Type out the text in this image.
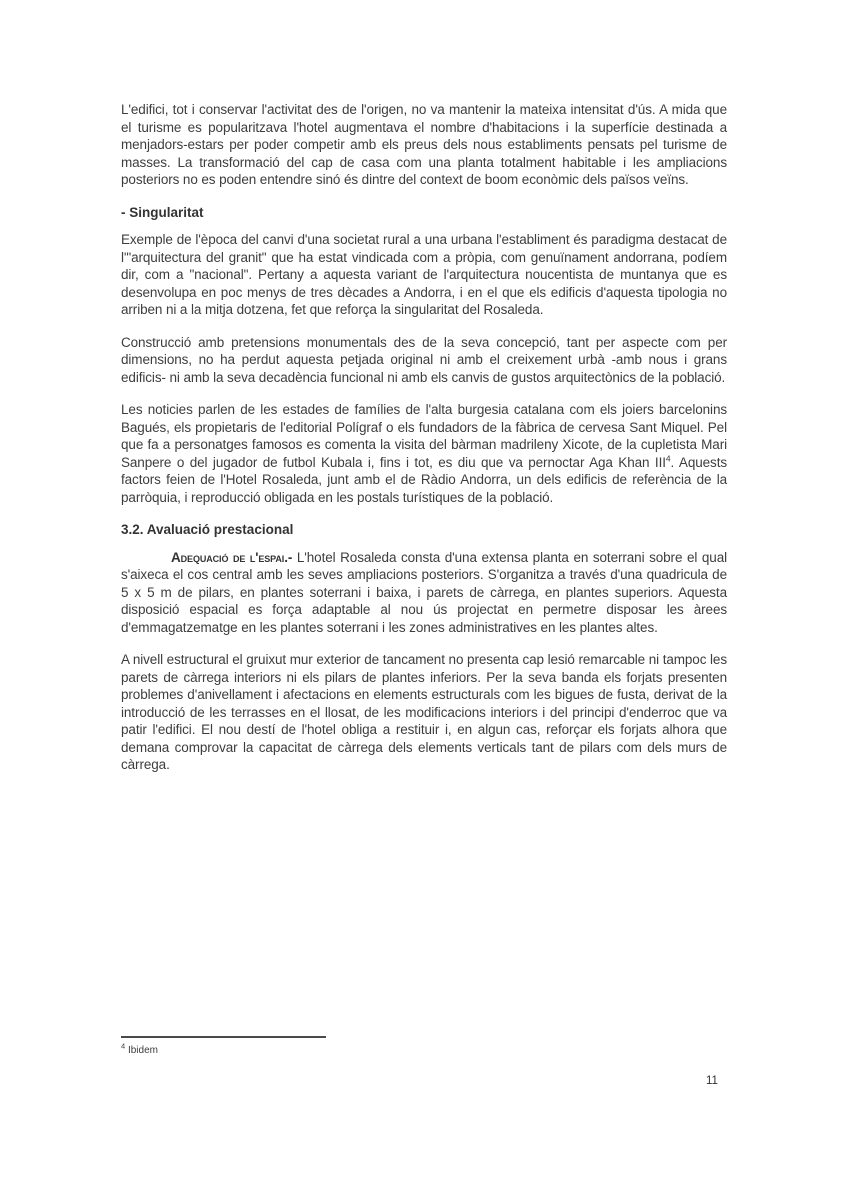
L'edifici, tot i conservar l'activitat des de l'origen, no va mantenir la mateixa intensitat d'ús. A mida que el turisme es popularitzava l'hotel augmentava el nombre d'habitacions i la superfície destinada a menjadors-estars per poder competir amb els preus dels nous establiments pensats pel turisme de masses. La transformació del cap de casa com una planta totalment habitable i les ampliacions posteriors no es poden entendre sinó és dintre del context de boom econòmic dels països veïns.

- Singularitat

Exemple de l'època del canvi d'una societat rural a una urbana l'establiment és paradigma destacat de l'"arquitectura del granit" que ha estat vindicada com a pròpia, com genuïnament andorrana, podíem dir, com a "nacional". Pertany a aquesta variant de l'arquitectura noucentista de muntanya que es desenvolupa en poc menys de tres dècades a Andorra, i en el que els edificis d'aquesta tipologia no arriben ni a la mitja dotzena, fet que reforça la singularitat del Rosaleda.

Construcció amb pretensions monumentals des de la seva concepció, tant per aspecte com per dimensions, no ha perdut aquesta petjada original ni amb el creixement urbà -amb nous i grans edificis- ni amb la seva decadència funcional ni amb els canvis de gustos arquitectònics de la població.

Les noticies parlen de les estades de famílies de l'alta burgesia catalana com els joiers barcelonins Bagués, els propietaris de l'editorial Polígraf o els fundadors de la fàbrica de cervesa Sant Miquel. Pel que fa a personatges famosos es comenta la visita del bàrman madrileny Xicote, de la cupletista Mari Sanpere o del jugador de futbol Kubala i, fins i tot, es diu que va pernoctar Aga Khan III$^4$. Aquests factors feien de l'Hotel Rosaleda, junt amb el de Ràdio Andorra, un dels edificis de referència de la parròquia, i reproducció obligada en les postals turístiques de la població.

3.2. Avaluació prestacional

Adequació de l'espai.- L'hotel Rosaleda consta d'una extensa planta en soterrani sobre el qual s'aixeca el cos central amb les seves ampliacions posteriors. S'organitza a través d'una quadricula de 5 x 5 m de pilars, en plantes soterrani i baixa, i parets de càrrega, en plantes superiors. Aquesta disposició espacial es força adaptable al nou ús projectat en permetre disposar les àrees d'emmagatzematge en les plantes soterrani i les zones administratives en les plantes altes.

A nivell estructural el gruixut mur exterior de tancament no presenta cap lesió remarcable ni tampoc les parets de càrrega interiors ni els pilars de plantes inferiors. Per la seva banda els forjats presenten problemes d'anivellament i afectacions en elements estructurals com les bigues de fusta, derivat de la introducció de les terrasses en el llosat, de les modificacions interiors i del principi d'enderroc que va patir l'edifici. El nou destí de l'hotel obliga a restituir i, en algun cas, reforçar els forjats alhora que demana comprovar la capacitat de càrrega dels elements verticals tant de pilars com dels murs de càrrega.

$^4$ Ibidem
11
